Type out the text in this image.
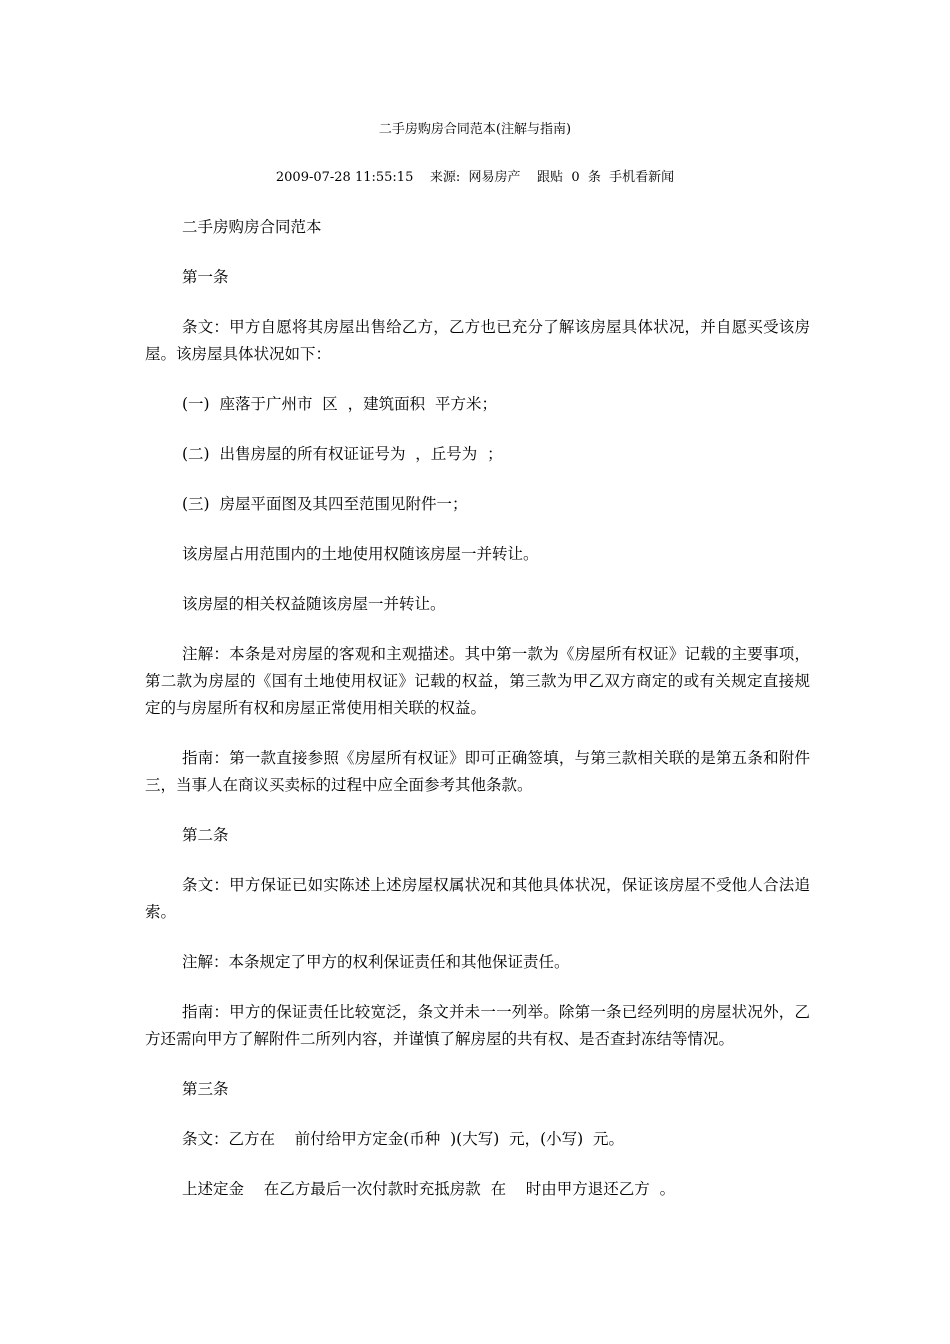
二手房购房合同范本(注解与指南)
2009-07-28 11:55:15    来源:  网易房产    跟贴  0  条  手机看新闻

二手房购房合同范本

第一条

条文：甲方自愿将其房屋出售给乙方，乙方也已充分了解该房屋具体状况，并自愿买受该房屋。该房屋具体状况如下：

(一)  座落于广州市  区  ，建筑面积  平方米；

(二)  出售房屋的所有权证证号为  ，丘号为  ；

(三)  房屋平面图及其四至范围见附件一；

该房屋占用范围内的土地使用权随该房屋一并转让。

该房屋的相关权益随该房屋一并转让。

注解：本条是对房屋的客观和主观描述。其中第一款为《房屋所有权证》记载的主要事项，第二款为房屋的《国有土地使用权证》记载的权益，第三款为甲乙双方商定的或有关规定直接规定的与房屋所有权和房屋正常使用相关联的权益。

指南：第一款直接参照《房屋所有权证》即可正确签填，与第三款相关联的是第五条和附件三，当事人在商议买卖标的过程中应全面参考其他条款。

第二条

条文：甲方保证已如实陈述上述房屋权属状况和其他具体状况，保证该房屋不受他人合法追索。

注解：本条规定了甲方的权利保证责任和其他保证责任。

指南：甲方的保证责任比较宽泛，条文并未一一列举。除第一条已经列明的房屋状况外，乙方还需向甲方了解附件二所列内容，并谨慎了解房屋的共有权、是否查封冻结等情况。

第三条

条文：乙方在    前付给甲方定金(币种  )(大写)  元，(小写)  元。

上述定金    在乙方最后一次付款时充抵房款  在    时由甲方退还乙方  。
